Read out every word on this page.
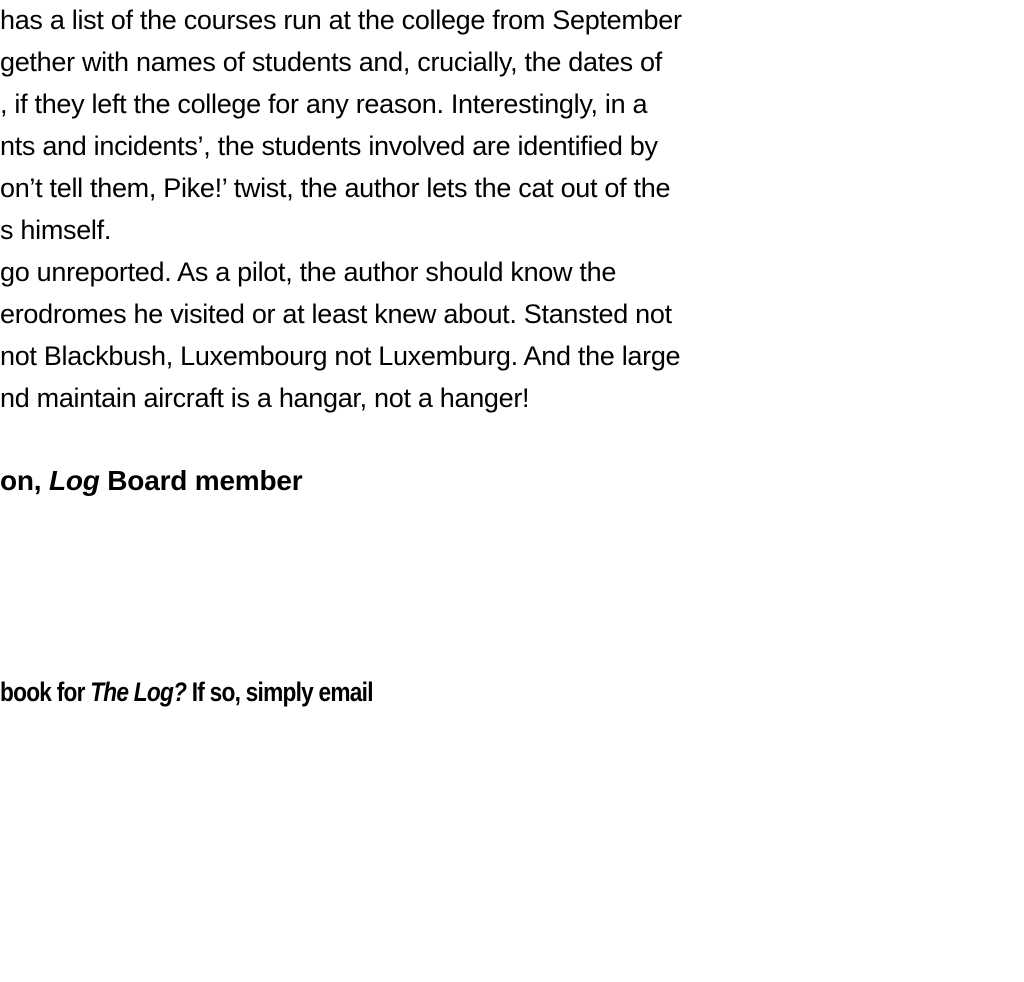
has a list of the courses run at the college from September
gether with names of students and, crucially, the dates of
, if they left the college for any reason. Interestingly, in a
nts and incidents’, the students involved are identified by
on’t tell them, Pike!’ twist, the author lets the cat out of the
s himself.
go unreported. As a pilot, the author should know the
erodromes he visited or at least knew about. Stansted not
not Blackbush, Luxembourg not Luxemburg. And the large
nd maintain aircraft is a hangar, not a hanger!
on, Log Board member
book for The Log? If so, simply email
